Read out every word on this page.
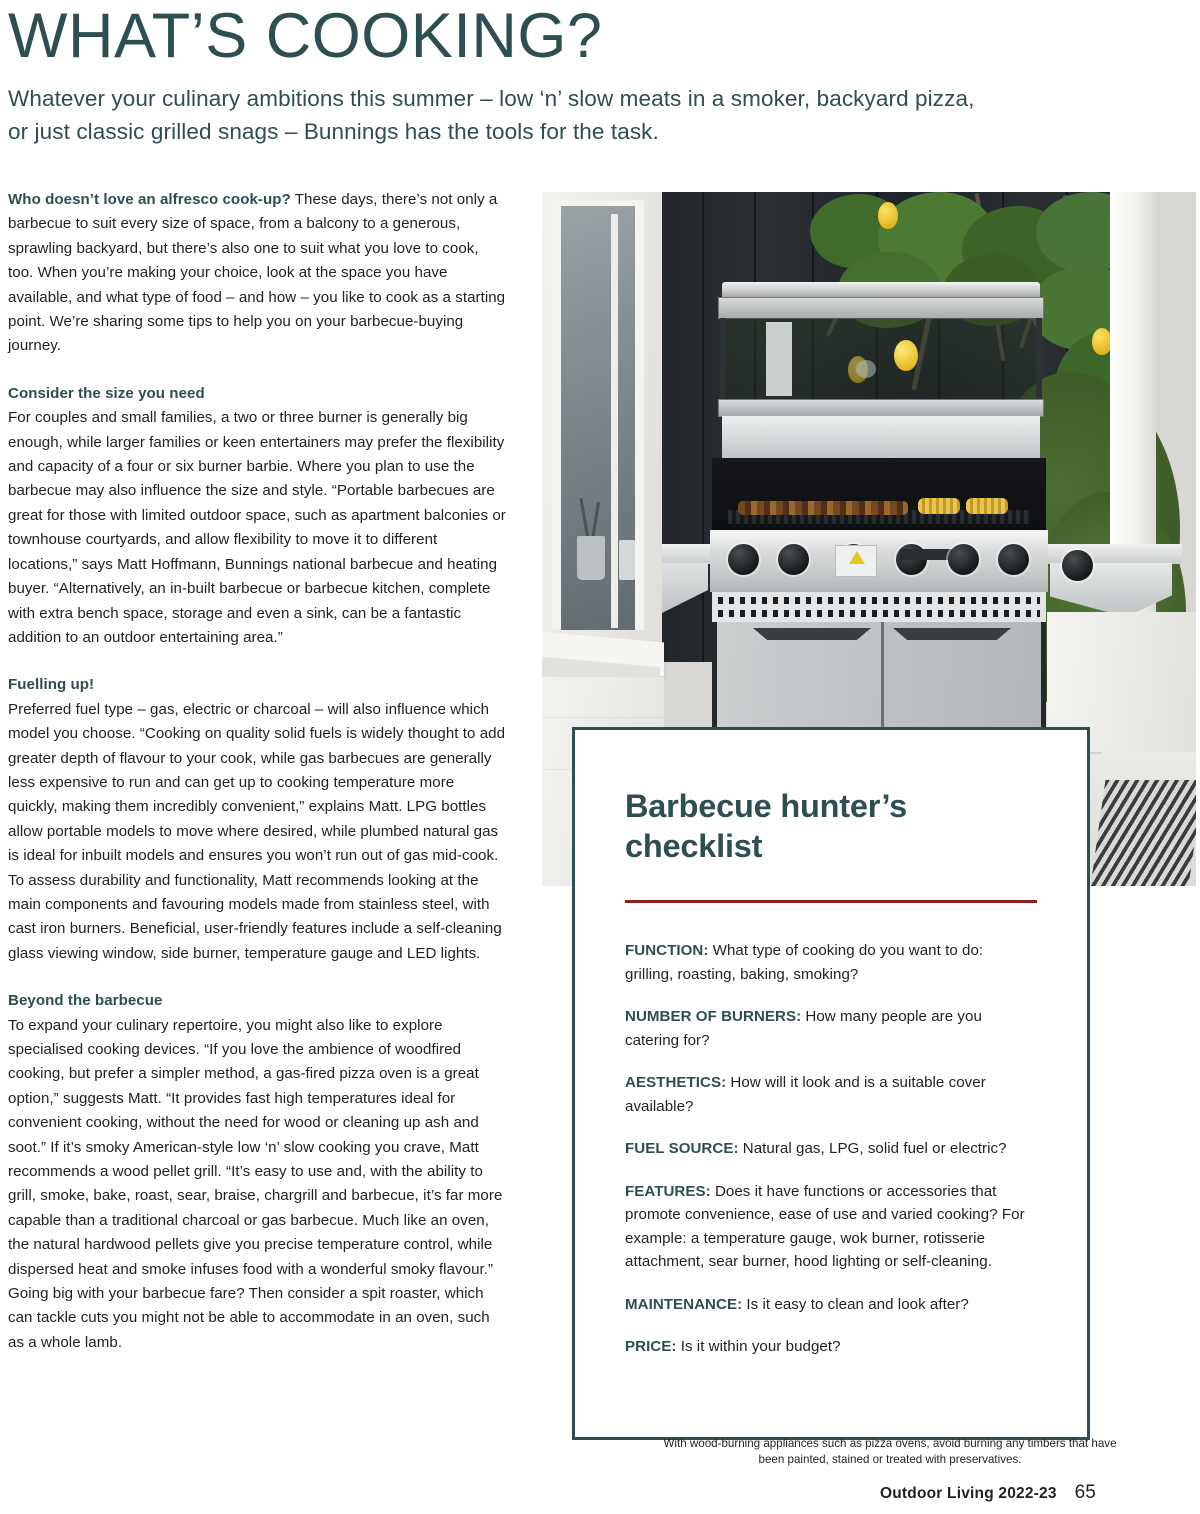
WHAT’S COOKING?
Whatever your culinary ambitions this summer – low ‘n’ slow meats in a smoker, backyard pizza, or just classic grilled snags – Bunnings has the tools for the task.

Who doesn’t love an alfresco cook-up? These days, there’s not only a barbecue to suit every size of space, from a balcony to a generous, sprawling backyard, but there’s also one to suit what you love to cook, too. When you’re making your choice, look at the space you have available, and what type of food – and how – you like to cook as a starting point. We’re sharing some tips to help you on your barbecue-buying journey.

Consider the size you need

For couples and small families, a two or three burner is generally big enough, while larger families or keen entertainers may prefer the flexibility and capacity of a four or six burner barbie. Where you plan to use the barbecue may also influence the size and style. “Portable barbecues are great for those with limited outdoor space, such as apartment balconies or townhouse courtyards, and allow flexibility to move it to different locations,” says Matt Hoffmann, Bunnings national barbecue and heating buyer. “Alternatively, an in-built barbecue or barbecue kitchen, complete with extra bench space, storage and even a sink, can be a fantastic addition to an outdoor entertaining area.”

Fuelling up!

Preferred fuel type – gas, electric or charcoal – will also influence which model you choose. “Cooking on quality solid fuels is widely thought to add greater depth of flavour to your cook, while gas barbecues are generally less expensive to run and can get up to cooking temperature more quickly, making them incredibly convenient,” explains Matt. LPG bottles allow portable models to move where desired, while plumbed natural gas is ideal for inbuilt models and ensures you won’t run out of gas mid-cook. To assess durability and functionality, Matt recommends looking at the main components and favouring models made from stainless steel, with cast iron burners. Beneficial, user-friendly features include a self-cleaning glass viewing window, side burner, temperature gauge and LED lights.

Beyond the barbecue

To expand your culinary repertoire, you might also like to explore specialised cooking devices. “If you love the ambience of woodfired cooking, but prefer a simpler method, a gas-fired pizza oven is a great option,” suggests Matt. “It provides fast high temperatures ideal for convenient cooking, without the need for wood or cleaning up ash and soot.” If it’s smoky American-style low ‘n’ slow cooking you crave, Matt recommends a wood pellet grill. “It’s easy to use and, with the ability to grill, smoke, bake, roast, sear, braise, chargrill and barbecue, it’s far more capable than a traditional charcoal or gas barbecue. Much like an oven, the natural hardwood pellets give you precise temperature control, while dispersed heat and smoke infuses food with a wonderful smoky flavour.” Going big with your barbecue fare? Then consider a spit roaster, which can tackle cuts you might not be able to accommodate in an oven, such as a whole lamb.

Barbecue hunter’s checklist
FUNCTION: What type of cooking do you want to do: grilling, roasting, baking, smoking?
NUMBER OF BURNERS: How many people are you catering for?
AESTHETICS: How will it look and is a suitable cover available?
FUEL SOURCE: Natural gas, LPG, solid fuel or electric?
FEATURES: Does it have functions or accessories that promote convenience, ease of use and varied cooking? For example: a temperature gauge, wok burner, rotisserie attachment, sear burner, hood lighting or self-cleaning.
MAINTENANCE: Is it easy to clean and look after?
PRICE: Is it within your budget?
With wood-burning appliances such as pizza ovens, avoid burning any timbers that have been painted, stained or treated with preservatives.
Outdoor Living 2022-23 65
